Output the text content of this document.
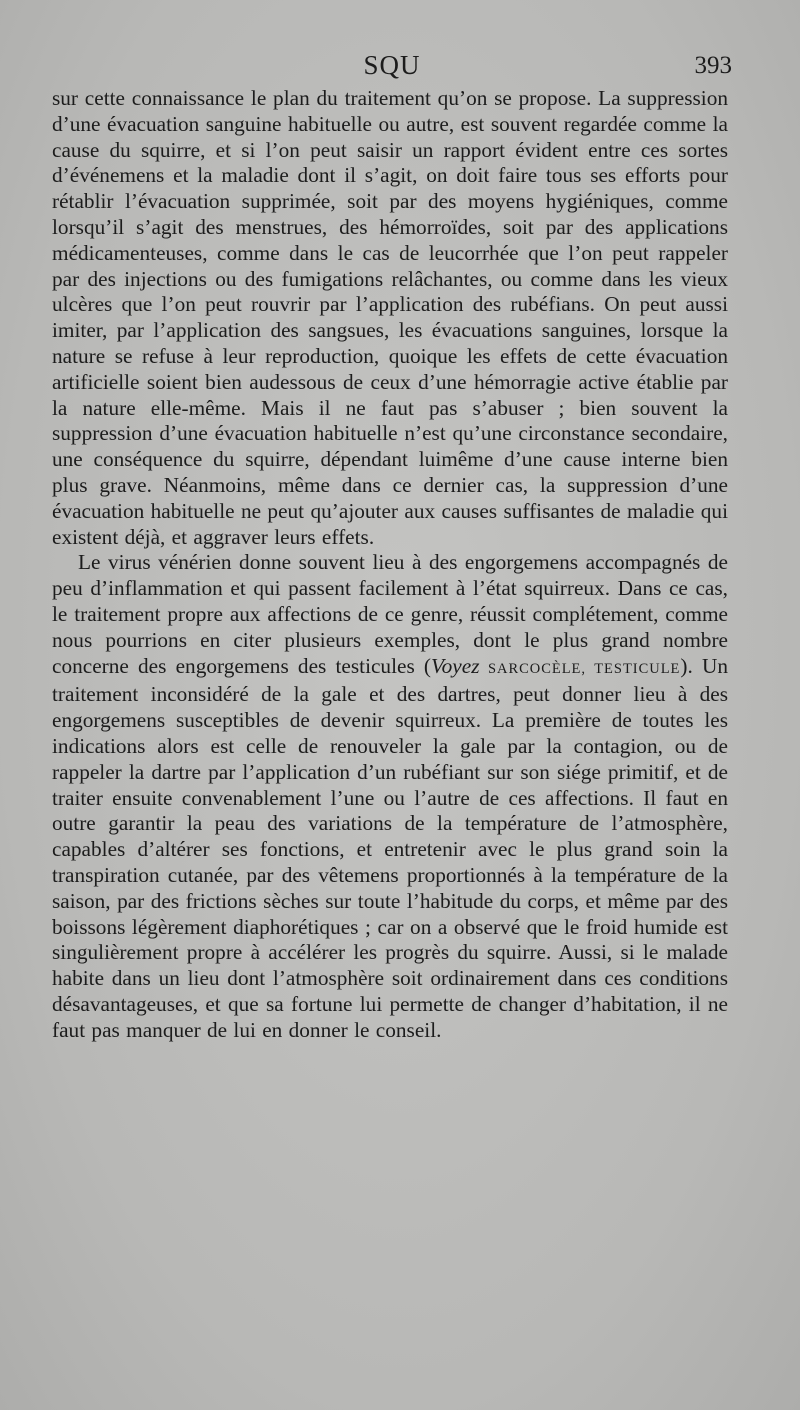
SQU	393

sur cette connaissance le plan du traitement qu’on se propose. La suppression d’une évacuation sanguine habituelle ou autre, est souvent regardée comme la cause du squirre, et si l’on peut saisir un rapport évident entre ces sortes d’événemens et la maladie dont il s’agit, on doit faire tous ses efforts pour rétablir l’évacuation supprimée, soit par des moyens hygiéniques, comme lorsqu’il s’agit des menstrues, des hémorroïdes, soit par des applications médicamenteuses, comme dans le cas de leucorrhée que l’on peut rappeler par des injections ou des fumigations relâchantes, ou comme dans les vieux ulcères que l’on peut rouvrir par l’application des rubéfians. On peut aussi imiter, par l’application des sangsues, les évacuations sanguines, lorsque la nature se refuse à leur reproduction, quoique les effets de cette évacuation artificielle soient bien audessous de ceux d’une hémorragie active établie par la nature elle-même. Mais il ne faut pas s’abuser ; bien souvent la suppression d’une évacuation habituelle n’est qu’une circonstance secondaire, une conséquence du squirre, dépendant luimême d’une cause interne bien plus grave. Néanmoins, même dans ce dernier cas, la suppression d’une évacuation habituelle ne peut qu’ajouter aux causes suffisantes de maladie qui existent déjà, et aggraver leurs effets.

Le virus vénérien donne souvent lieu à des engorgemens accompagnés de peu d’inflammation et qui passent facilement à l’état squirreux. Dans ce cas, le traitement propre aux affections de ce genre, réussit complétement, comme nous pourrions en citer plusieurs exemples, dont le plus grand nombre concerne des engorgemens des testicules (Voyez SARCOCÈLE, TESTICULE). Un traitement inconsidéré de la gale et des dartres, peut donner lieu à des engorgemens susceptibles de devenir squirreux. La première de toutes les indications alors est celle de renouveler la gale par la contagion, ou de rappeler la dartre par l’application d’un rubéfiant sur son siége primitif, et de traiter ensuite convenablement l’une ou l’autre de ces affections. Il faut en outre garantir la peau des variations de la température de l’atmosphère, capables d’altérer ses fonctions, et entretenir avec le plus grand soin la transpiration cutanée, par des vêtemens proportionnés à la température de la saison, par des frictions sèches sur toute l’habitude du corps, et même par des boissons légèrement diaphorétiques ; car on a observé que le froid humide est singulièrement propre à accélérer les progrès du squirre. Aussi, si le malade habite dans un lieu dont l’atmosphère soit ordinairement dans ces conditions désavantageuses, et que sa fortune lui permette de changer d’habitation, il ne faut pas manquer de lui en donner le conseil.
